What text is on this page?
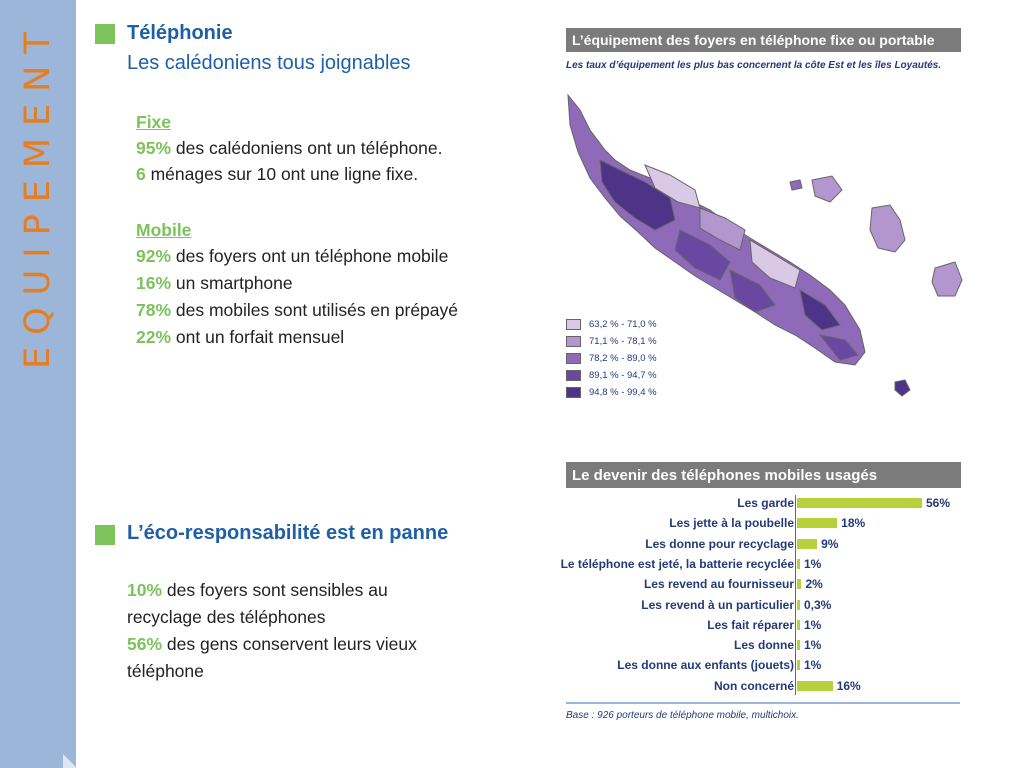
EQUIPEMENT	Téléphonie
Les calédoniens tous joignables
Fixe
95% des calédoniens ont un téléphone.
6 ménages sur 10 ont une ligne fixe.
Mobile
92% des foyers ont un téléphone mobile
16% un smartphone
78% des mobiles sont utilisés en prépayé
22% ont un forfait mensuel
L’éco-responsabilité est en panne
10% des foyers sont sensibles au
recyclage des téléphones
56% des gens conservent leurs vieux
téléphone
L’équipement des foyers en téléphone fixe ou portable
Les taux d’équipement les plus bas concernent la côte Est et les îles Loyautés.
63,2 % - 71,0 %
71,1 % - 78,1 %
78,2 % - 89,0 %
89,1 % - 94,7 %
94,8 % - 99,4 %
Le devenir des téléphones mobiles usagés
Les garde	56%
Les jette à la poubelle	18%
Les donne pour recyclage 9%
Le téléphone est jeté, la batterie recyclée 1%
Les revend au fournisseur 2%
Les revend à un particulier 0,3%
Les fait réparer 1%
Les donne 1%
Les donne aux enfants (jouets) 1%
Non concerné	16%
Base : 926 porteurs de téléphone mobile, multichoix.
